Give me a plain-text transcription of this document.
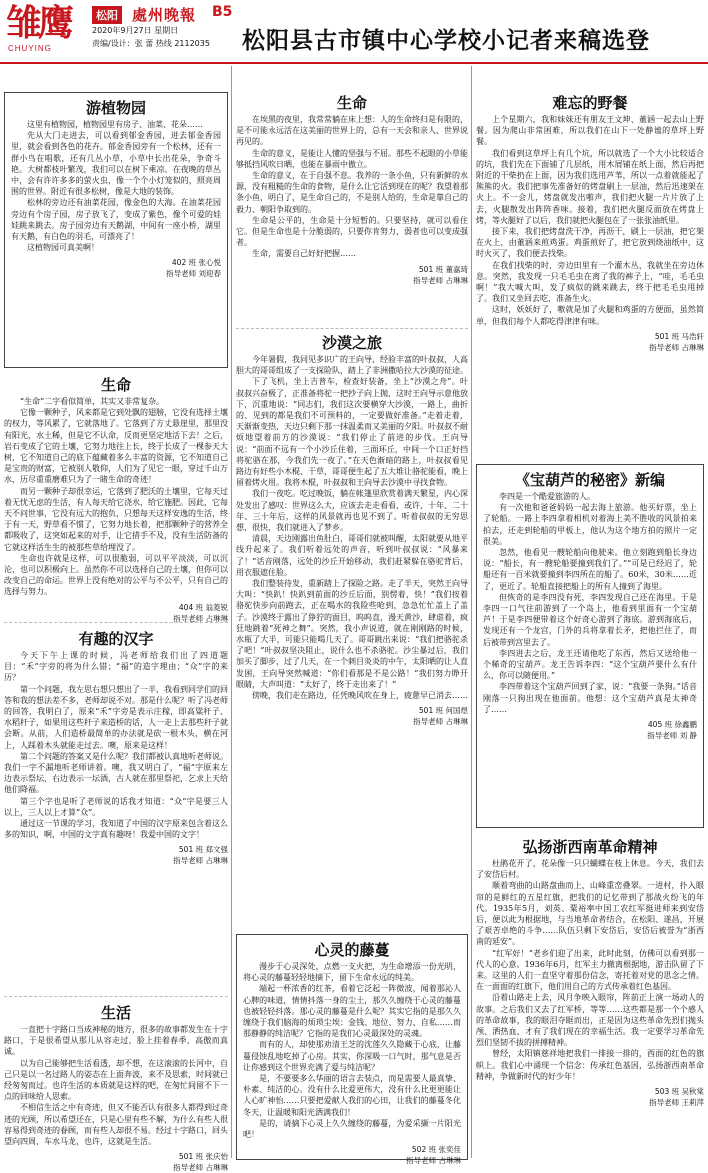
雏鹰
CHUYING
松阳 處州晚報 B5
2020年9月27日 星期日
责编/设计：张 蕾 热线 2112035 松阳县古市镇中心学校小记者来稿选登
游植物园

这里有植物园，植物园里有房子、油菜、花朵……

先从大门走进去，可以看到郁金香园，进去郁金香园里，就会看到各色的花卉。郁金香园旁有一个松林，还有一群小鸟在唱歌，还有几丛小草，小草中长出花朵，争奇斗艳。大树都枝叶繁茂，我们可以在树下乘凉。在夜晚的草丛中，会有许许多多的萤火虫，像一个个小灯笼似的，照亮周围的世界。附近有很多松树，像是大地的装饰。

松林的旁边还有油菜花园，像金色的大海。在油菜花园旁边有个房子园，房子放飞了，变成了紫色，像个可爱的娃娃跳来跳去。房子园旁边有天鹅湖，中间有一座小桥，湖里有天鹅，有白色的羽毛，可漂亮了！

这植物园可真美啊！

402 班 张心悦
指导老师 刘迎春
生命

“生命”二字看似简单，其实又非常复杂。

它像一颗种子，风来都是它到处飘的翅膀，它没有选择土壤的权力，等风累了，它就落地了。它落到了方丈悬崖里，那里没有阳光，水土稀，但是它不认命，反而更坚定地活下去！之后，岩石变成了它的土壤，它努力地往上长，终于长成了一棵参天大树，它不知道自己的底下蕴藏着多么丰富的资源，它不知道自己是宝贵的财富，它被别人敬仰，人们为了见它一眼，穿过千山万水，历尽重重磨难只为了一睹生命的奇迹！

而另一颗种子却很幸运，它落到了肥沃的土壤里，它每天过着无忧无虑的生活，有人每天给它浇水，给它施肥。因此，它每天不问世事，它没有远大的抱负，只想每天这样安逸的生活，终于有一天，野草看不惯了，它努力地长着，把那颗种子的营养全都吸收了，这突如起来的对手，让它措手不及，没有生活防备的它就这样活生生的被那些草给埋没了。

生命也许就是这样，可以很脆弱，可以平平淡淡，可以沉沦，也可以积极向上。虽然你不可以选择自己的土壤，但你可以改变自己的命运。世界上没有绝对的公平与不公平，只有自己的选择与努力。

404 班 翁菱锐
指导老师 占琳琳
有趣的汉字

今天下午上课的时候，冯老师给我们出了四道题目：“禾”字旁的将为什么错；“福”的造字理由；“众”字的来历？

第一个问题，我左思右想只想出了一半，我看到同学们的回答和我的想法差不多，老师却说不对。那是什么呢？听了冯老师的回答，我明白了，原来“禾”字旁是表示庄稼，即高粱秆子、水稻秆子，如果用这些秆子来造桥的话，人一走上去那些秆子就会断。从前，人们造桥最简单的办法就是砍一根木头，横在河上，人踩着木头就能走过去。噢，原来是这样！

第二个问题的答案又是什么呢？我们都被认真地听老师说。我们一字不漏地听老师讲着。噢，我又明白了，“福”字原来左边表示祭坛，右边表示一坛酒，古人就在那里祭祀，乞求上天给他们降福。

第三个字也是听了老师说的话我才知道：“众”字是要三人以上，三人以上才算“众”。

通过这一节课的学习，我知道了中国的汉字原来包含着这么多的知识，啊，中国的文字真有趣呀！我爱中国的文字！

501 班 郑文强
指导老师 占琳琳
生活

一直把十字路口当成神秘的地方，很多的故事都发生在十字路口，于是很希望从那儿从容走过，脸上挂着春季，高傲而真诚。

以为自己能够把生活看透，却不想，在这滚滚的长河中，自己只是以一名过路人的姿态在上面奔波，来不及思索，时间就已经匆匆而过。也许生活的本质就是这样的吧，在匆忙间留不下一点的回味给人思索。

不相信生活之中有奇迹，但又不能否认有很多人都得到过奇迹的光顾，所以希望还在，只是心里有些不解，为什么有些人很容易得到奇迹的眷顾，而有些人却很不易。经过十字路口，回头望向四周，车水马龙，也许，这就是生活。

501 班 张庆怡
指导老师 占琳琳
生命

在埃黑的夜里，我常常躺在床上想：人的生命终归是有限的，是不可能永远活在这美丽的世界上的，总有一天会和亲人、世界说再见的。

生命的意义，是能让人懂的坚强与不屈。那些不起眼的小草能够抵挡风吹日晒，也能在暴雨中傲立。

生命的意义，在于自强不息。我养的一条小鱼，只有新鲜的水源，没有粗糙的生命的食物，是什么让它活到现在的呢？我望着那条小鱼，明白了，是生命自己的，不是别人给的，生命是靠自己的毅力、朝阳争取到的。

生命是公平的，生命是十分短暂的。只要坚持，就可以看住它。但是生命也是十分脆弱的，只要你肯努力，弱者也可以变成强者。

生命，需要自己好好把握……

501 班 董嘉琦
指导老师 占琳琳
沙漠之旅

今年暑假，我同见多识广的王向导，经验丰富的叶叔叔，人高胆大的哥哥组成了一支探险队，踏上了非洲撒哈拉大沙漠的征途。

下了飞机，坐上吉普车，检查好装备，坐上“沙漠之舟”。叶叔叔兴奋极了，正准备将驼一把抄子向上抛，这时王向导示意他放下，沉重地说：“同志们，我们这次要横穿大沙漠，一路上，曲折的、见到的都是我们不可预料的，一定要做好准备。”走着走着，天渐渐变热，天边只剩下那一抹温柔而又美丽的夕阳。叶叔叔不耐烦地望着前方的沙漠说：“我们停止了前进的步伐。王向导说：“前面不远有一个小沙丘住着，三面环丘，中间一个口正好挡将驼骆在那，今我们先一夜了。”在天色渐暗的路上，叶叔叔看见路边有好些小木棍、干草，哥哥便生起了五大堆让骆驼能看，晚上留着烤火用。我将木棍，叶叔叔和王向导去沙漠中寻找食物。

我们一夜吃。吃过晚饭，躺在帐篷里欣赏着满天繁星，内心深处发出了感叹：世界这么大，应该去走走看看，或许，十年、二十年、三十年后，这样的风景就再也见不到了。听着叔叔的无穷思想，很快，我们就进入了梦乡。

清晨，天边刚露出鱼肚白，哥哥们就被叫醒，太阳就要从地平线升起来了。我们听着远处的声音，听到叶叔叔说：“风暴来了！”话音刚落，远处的沙丘开始移动，我们赶紧躲在骆驼背后，用衣服遮住脸。

我们整装待发，重新踏上了探险之路。走了半天，突然王向导大叫：“快趴！快趴到前面的沙丘后面，别愣着，快！”我们按着骆驼快步向前跑去，正在喝水的我险些呛到，急急忙忙盖上了盖子。沙漠终于露出了狰狞的面目，呜呜直，漫天黄沙，肆虐着，疯狂地跳着“死神之舞”。突然，我小声说道，就在刚刚路的时候，水瓶了大半，可能只能喝几天了。哥哥跳出来说：“我们把骆驼杀了吧！”叶叔叔坚决阻止，说什么也不杀骆驼。沙尘暴过后，我们加买了脚步，过了几天，在一个刺目炎炎的中午，太阳晒的让人直发困，王向导突然喊道：“你们看那是不是公路！”我们努力睁开眼睛，大声叫道：“太好了，终于走出来了！”

傍晚，我们走在路边，任凭晚风吹在身上，疲惫早已消去……

501 班 何国煜
指导老师 占琳琳
心灵的藤蔓

漫步于心灵深处，点燃一支火把，为生命增添一份光明，将心灵的藤蔓轻轻地摘下，留下生命永远的纯美。

端起一杯浓香的红茶，看着它泛起一阵微波，闻着那沁人心脾的味道，情情抖落一身的尘土，那久久缠绕于心灵的藤蔓也被轻轻抖落。那心灵的藤蔓是什么呢？其实它指的是那久久缠绕于我们脑海的烦琐尘埃：金钱、地位、努力、自私……而那静静的纯洁呢？它指的是我们心灵最深处的灵魂。

而有的人，却使那劝清王芝的沈莲久久隐藏于心底，让藤蔓侵蚀乱地吃掉了心房。其实，你深吸一口气时，那气息是否让你感到这个世界充满了爱与纯洁呢？

是，不要要多么华丽的语言去装点，而是需要人最真挚、朴素、纯洁的心。没有什么比爱更伟大，没有什么比更更能让人心旷神怡……只要把爱献人我们的心田，让我们的藤蔓冬化冬天，让温暖和阳光洒满我们！

是的，请摘下心灵上久久缠绕的藤蔓，为爱采撷一片阳光吧！

502 班 张奕佳
指导老师 占琳琳
难忘的野餐

上个星期六，我和妹妹还有朋友王文坤、董涵一起去山上野餐。因为爬山非常困难，所以我们在山下一处静谧的草坪上野餐。

我们看到这草坪上有几个坑，所以就选了一个大小比较适合的坑，我们先在下面铺了几层纸，用木屑铺在纸上面，然后再把附近的干柴扔在上面，因为我们选用芦苇，所以一点着就能起了熊熊的火。我们把事先准备好的烤盘刷上一层油，然后迅速架在火上。不一会儿，烤盘就发出啪声，我们把火腿一片片放了上去，火腿散发出阵阵香味。接着，我们把火腿反面放在烤盘上烤，等火腿好了以后，我们就把火腿包在了一张张油纸里。

接下来，我们把烤盘洗干净，再沥干，刷上一层油，把它架在火上，由董涵来煎鸡蛋。鸡蛋煎好了，把它放到烧油纸中，这时火灭了，我们便去找柴。

在我们找柴的时，旁边田里有一个灌木丛，我就坐在旁边休息。突然，我发现一只毛毛虫在离了我的裤子上，“哇，毛毛虫啊！”我大喊大叫，发了疯似的跳来跳去，终于把毛毛虫甩掉了。我们又坐回去吃，准备生火。

这时，妖妖好了，嗷就是加了火腿和鸡蛋的方便面，虽然简单，但我们每个人都吃得津津有味。

501 班 马浩轩
指导老师 占琳琳
《宝葫芦的秘密》新编

李四是一个酷爱旅游的人。

有一次他和爸爸妈妈一起去海上旅游。他买好票，坐上了轮船。一路上李四拿着相机对着海上美不胜收的风景拍来拍去，还走到轮船的甲板上，他认为这个地方拍的照片一定很美。

忽然，他看见一艘轮船向他驶来。他立刻跑到船长身边说：“船长，有一艘轮船要撞到我们了。”“可是已经迟了，轮船还有一百米就要撞到李四所在的船了。60米，30米……近了，更近了。轮船直接把船上的所有人撞到了海里。

但恢奇的是李四没有死，李四发现自己还在海里。于是李四一口气往前游到了一个岛上，他看到里面有一个宝葫芦！于是李四便带着这个好奇心游到了海底。游到海底后，发现还有一个龙宫，门外的兵将拿着长矛，把他拦住了，而后被带到宫里去了。

李四进去之后，龙王还请他吃了东西，然后又送给他一个稀奇的宝葫芦。龙王告诉李四：“这个宝葫芦要什么有什么，你可以随便用。”

李四带着这个宝葫芦回到了家，说：“我要一条狗。”话音刚落一只狗出现在他面前。他想：这个宝葫芦真是太神奇了……

405 班 徐鑫鹏
指导老师 刘 静
弘扬浙西南革命精神

杜鹃花开了，花朵像一只只蝴蝶在枝上休息。今天，我们去了安岱后村。

顺着弯曲的山路盘曲而上，山峰重峦叠翠。一进村，扑入眼帘的是鲜红的五星红旗，把我们的记忆带到了那战火纷飞的年代。1935年5月，刘英、粟裕率中国工农红军挺进师来到安岱后，便以此为根据地，与当地革命者结合，在松阳、遂昌，开展了艰苦卓绝的斗争……队伍只剩下安岱后，安岱后被誉为“浙西南的延安”。

“红军好！”老乡们迎了出来，此时此刻，仿佛可以看到那一代人的心意。1936年6月，红军主力撤离根据地，游击队留了下来。这里的人们一直坚守着那份信念，寄托着对党的思念之情。在一面面的红旗下，他们用自己的方式传承着红色基因。

沿着山路走上去，风月争映入眼帘，阵前正上演一场动人的故事。之后我们又去了红军桥，等等……这些都是那一个个感人的革命故事，我的眼泪夺眶而出，正是因为这些革命先烈们抛头颅、洒热血，才有了我们现在的幸福生活。我一定要学习革命先烈们坚韧不拔的拼搏精神。

曾经，太阳镇慈祥地把我们一排接一排的，西面的红色的旗帜上。我们心中涌现一个信念：传承红色基因，弘扬浙西南革命精神，争做新时代的好少年！

503 班 吴秋棠
指导老师 王莉萍
